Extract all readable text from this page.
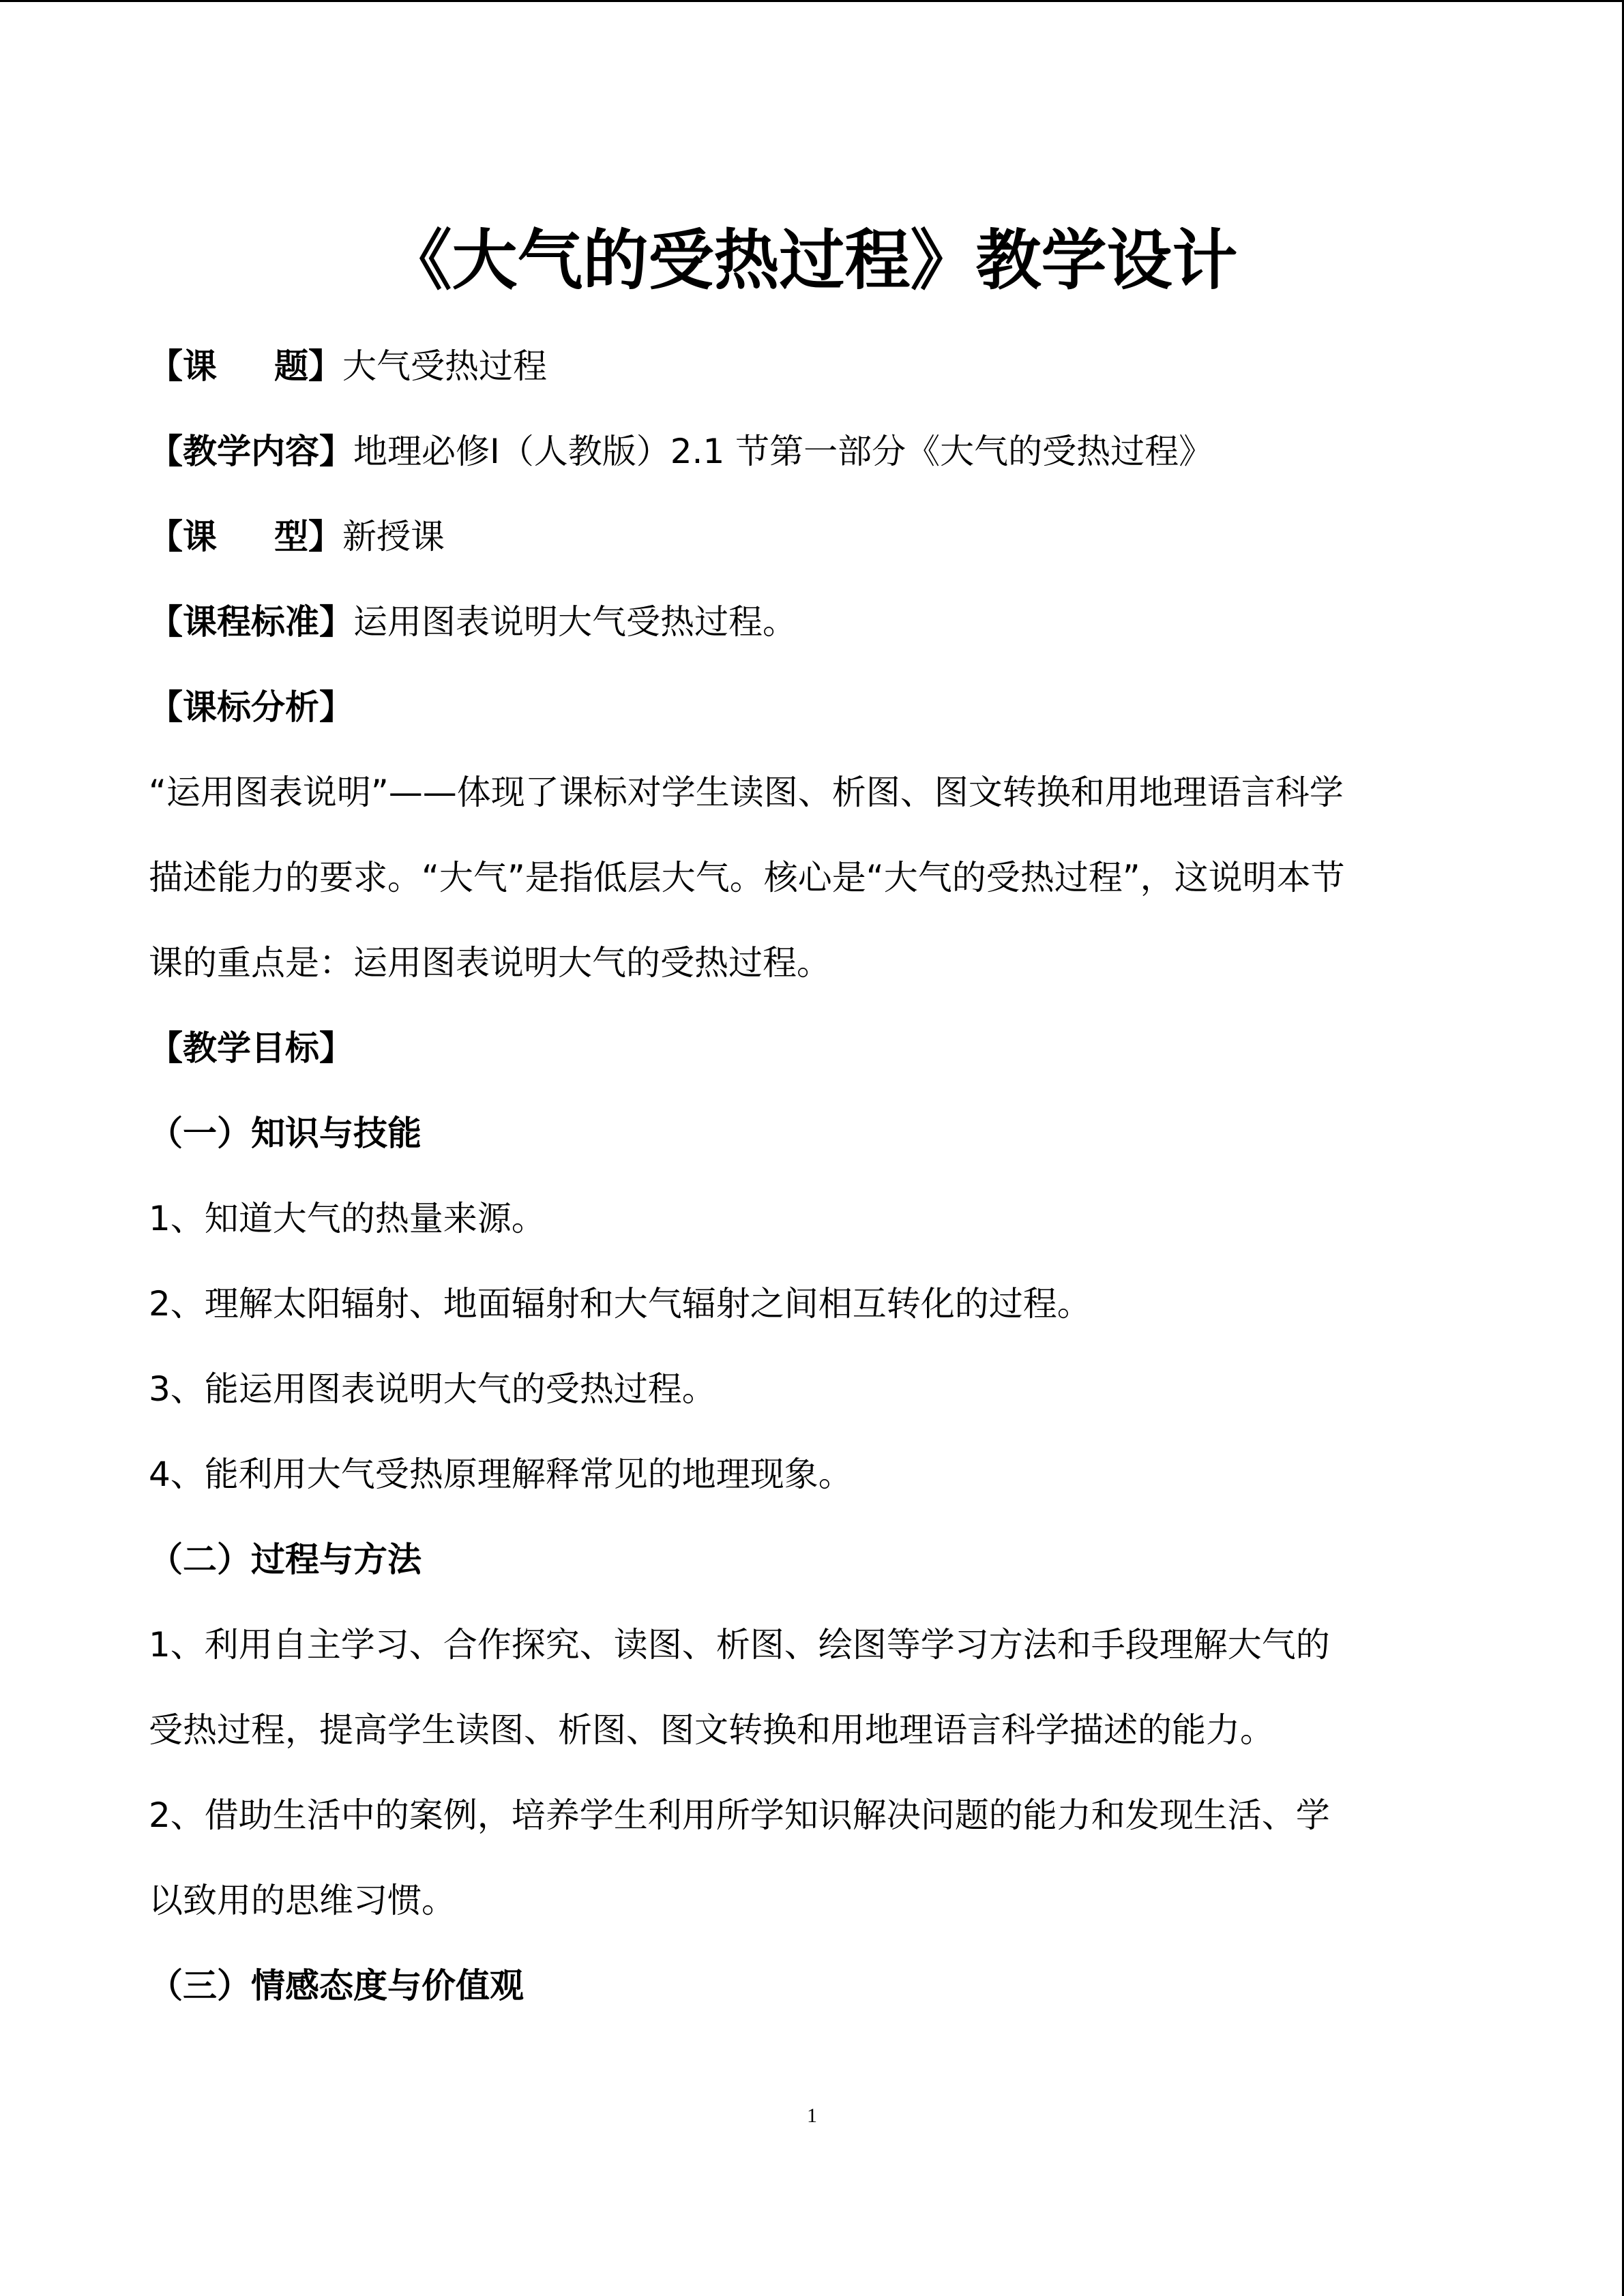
《大气的受热过程》教学设计
【课 题】大气受热过程
【教学内容】地理必修Ⅰ（人教版）2.1 节第一部分《大气的受热过程》
【课 型】新授课
【课程标准】运用图表说明大气受热过程。
【课标分析】
“运用图表说明”——体现了课标对学生读图、析图、图文转换和用地理语言科学
描述能力的要求。“大气”是指低层大气。核心是“大气的受热过程”，这说明本节
课的重点是：运用图表说明大气的受热过程。
【教学目标】
（一）知识与技能
1、知道大气的热量来源。
2、理解太阳辐射、地面辐射和大气辐射之间相互转化的过程。
3、能运用图表说明大气的受热过程。
4、能利用大气受热原理解释常见的地理现象。
（二）过程与方法
1、利用自主学习、合作探究、读图、析图、绘图等学习方法和手段理解大气的
受热过程，提高学生读图、析图、图文转换和用地理语言科学描述的能力。
2、借助生活中的案例，培养学生利用所学知识解决问题的能力和发现生活、学
以致用的思维习惯。
（三）情感态度与价值观
1
